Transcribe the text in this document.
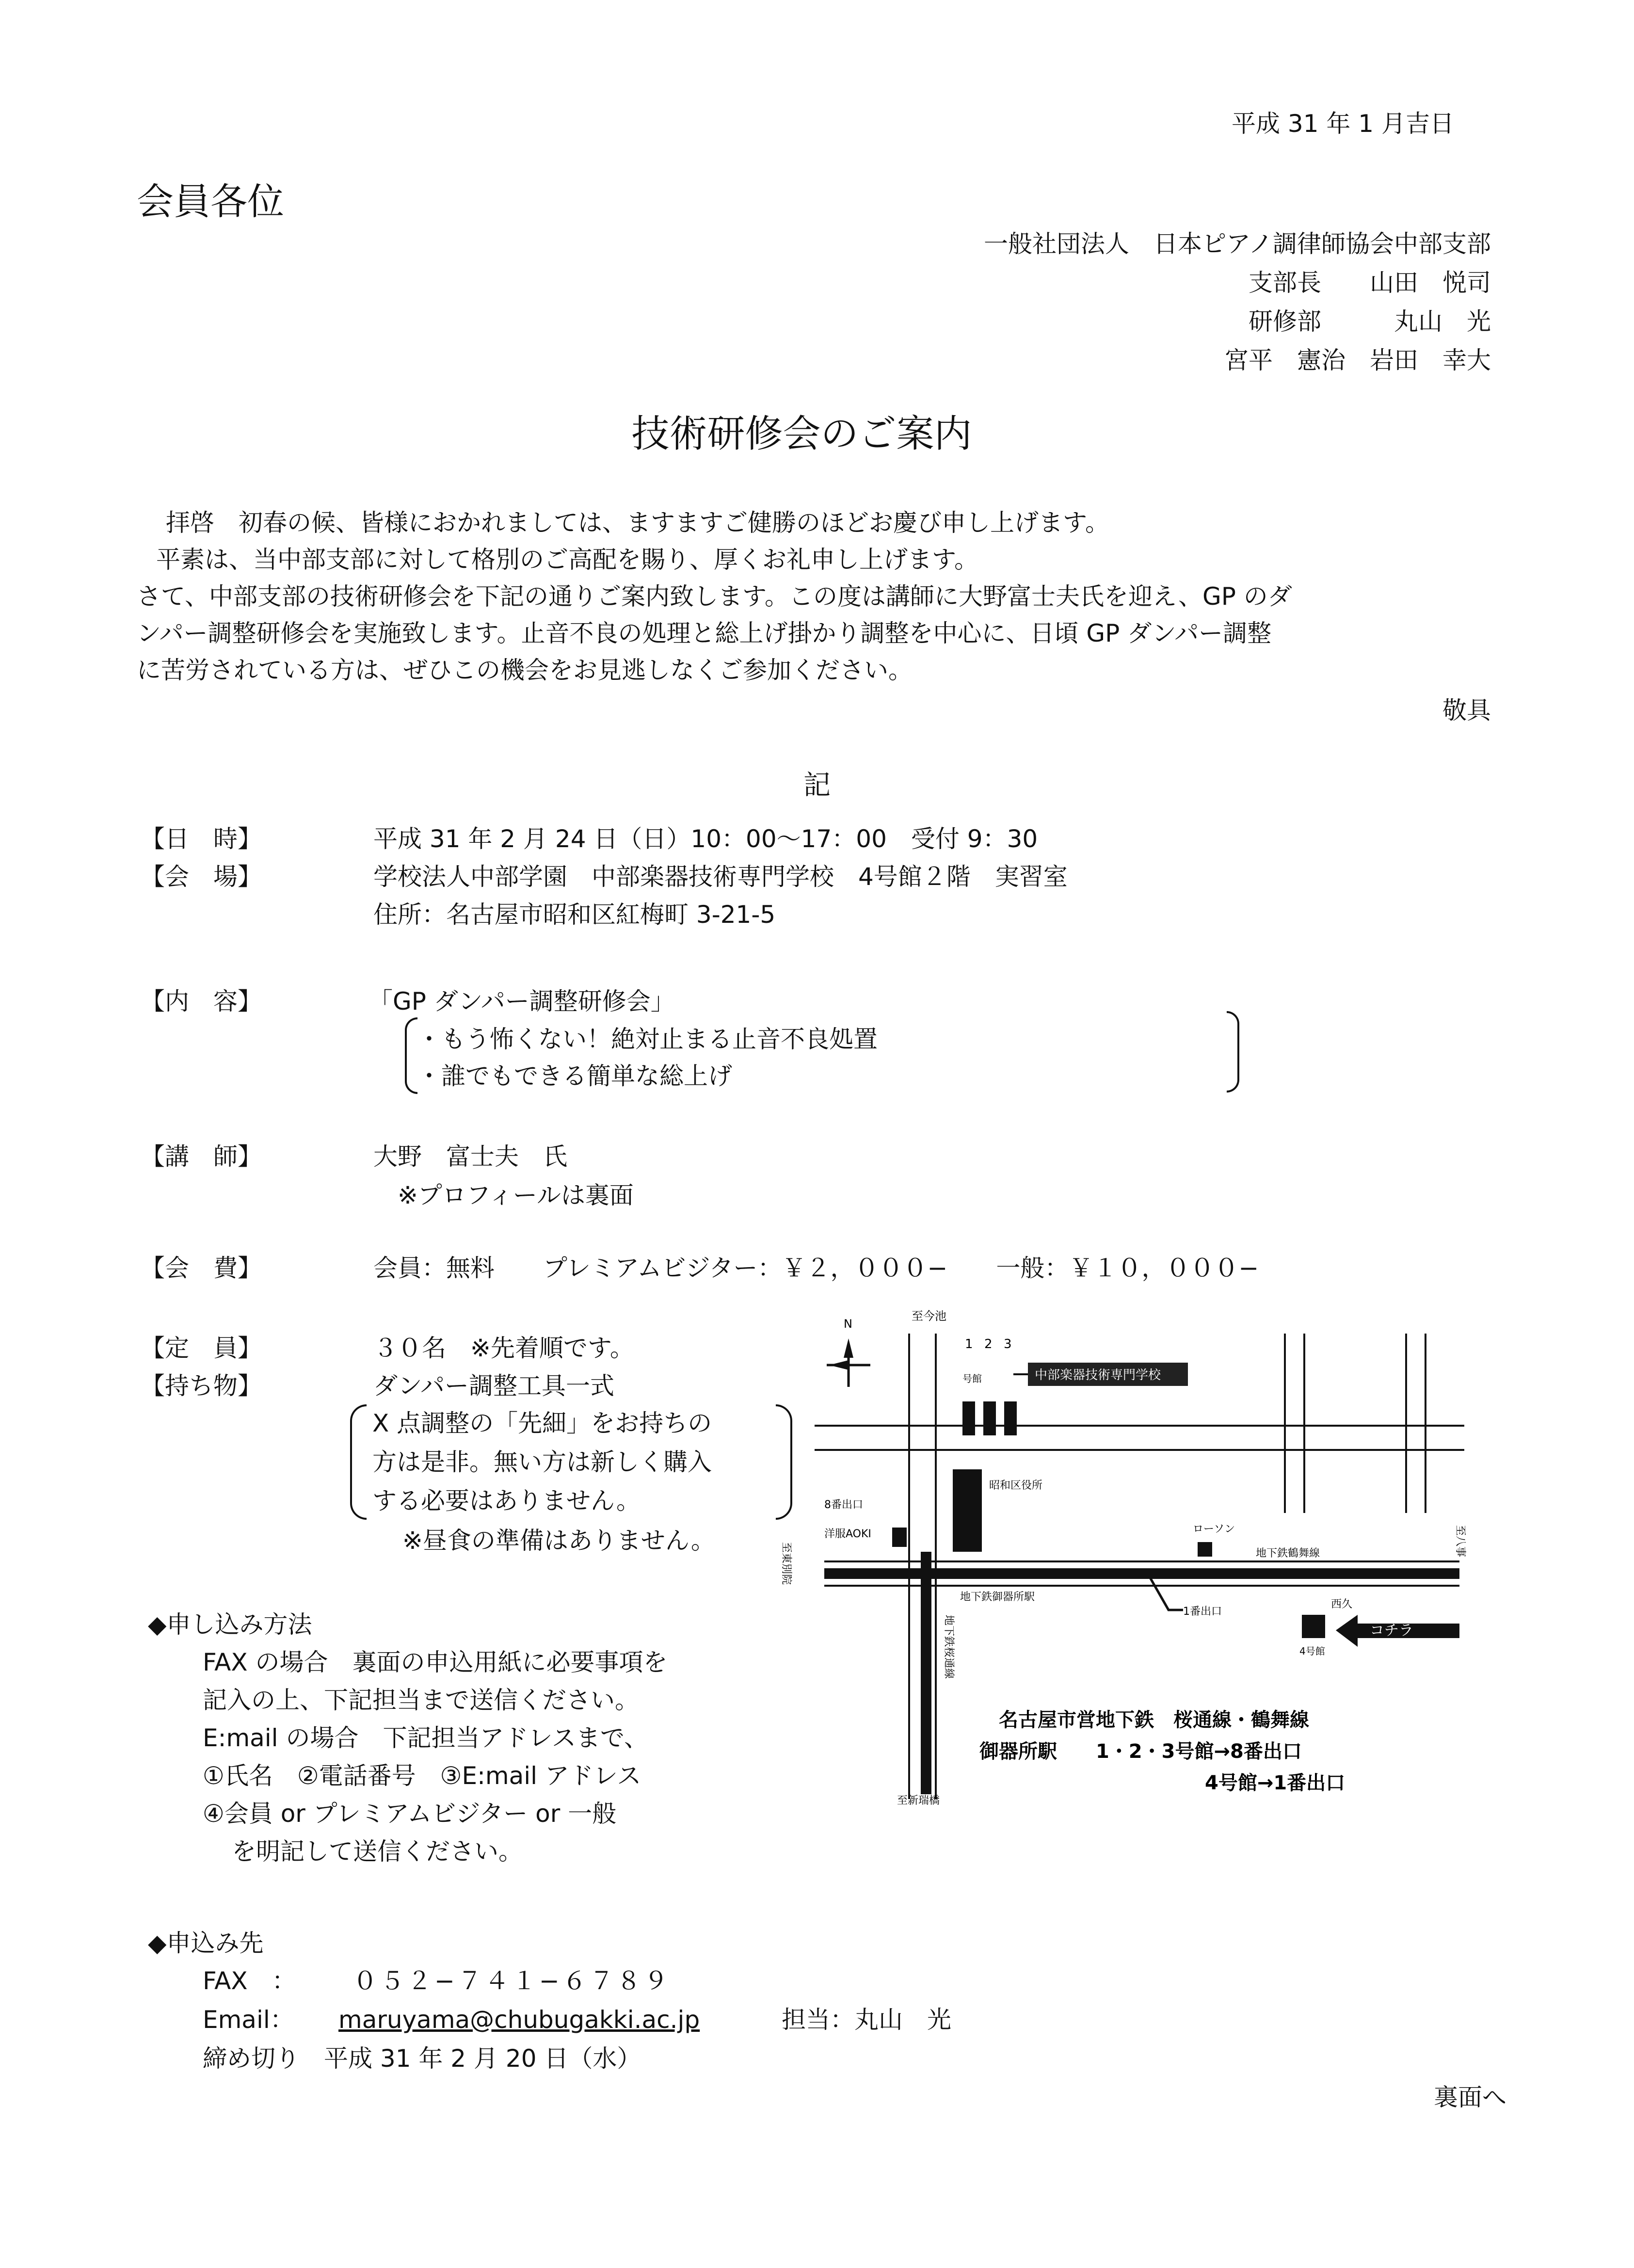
平成 31 年 1 月吉日
会員各位
一般社団法人　日本ピアノ調律師協会中部支部
支部長　　山田　悦司
研修部　　　丸山　光
宮平　憲治　岩田　幸大
技術研修会のご案内
拝啓　初春の候、皆様におかれましては、ますますご健勝のほどお慶び申し上げます。
平素は、当中部支部に対して格別のご高配を賜り、厚くお礼申し上げます。
さて、中部支部の技術研修会を下記の通りご案内致します。この度は講師に大野富士夫氏を迎え、GP のダ
ンパー調整研修会を実施致します。止音不良の処理と総上げ掛かり調整を中心に、日頃 GP ダンパー調整
に苦労されている方は、ぜひこの機会をお見逃しなくご参加ください。
敬具
記
【日　時】	平成 31 年 2 月 24 日（日）10：00～17：00　受付 9：30
【会　場】	学校法人中部学園　中部楽器技術専門学校　4号館２階　実習室
住所：名古屋市昭和区紅梅町 3-21-5
【内　容】	「GP ダンパー調整研修会」
・もう怖くない！絶対止まる止音不良処置
・誰でもできる簡単な総上げ
【講　師】	大野　富士夫　氏
※プロフィールは裏面
【会　費】	会員：無料　　プレミアムビジター：￥２，０００−　　一般：￥１０，０００−
【定　員】	３０名　※先着順です。
【持ち物】	ダンパー調整工具一式
X 点調整の「先細」をお持ちの
方は是非。無い方は新しく購入
する必要はありません。
※昼食の準備はありません。
◆申し込み方法
FAX の場合　裏面の申込用紙に必要事項を
記入の上、下記担当まで送信ください。
E:mail の場合　下記担当アドレスまで、
①氏名　②電話番号　③E:mail アドレス
④会員 or プレミアムビジター or 一般
を明記して送信ください。
◆申込み先
FAX　： ０５２−７４１−６７８９
Email： maruyama@chubugakki.ac.jp	担当：丸山　光
締め切り　平成 31 年 2 月 20 日（水）
裏面へ
N
至今池
中部楽器技術専門学校
1 2 3
号館
昭和区役所
8番出口
洋服AOKI	ローソン
地下鉄鶴舞線
地下鉄御器所駅
1番出口
西久
4号館
コチラ
至東別院
至八事
地下鉄桜通線
至新瑞橋
名古屋市営地下鉄　桜通線・鶴舞線
御器所駅　　1・2・3号館→8番出口
4号館→1番出口
